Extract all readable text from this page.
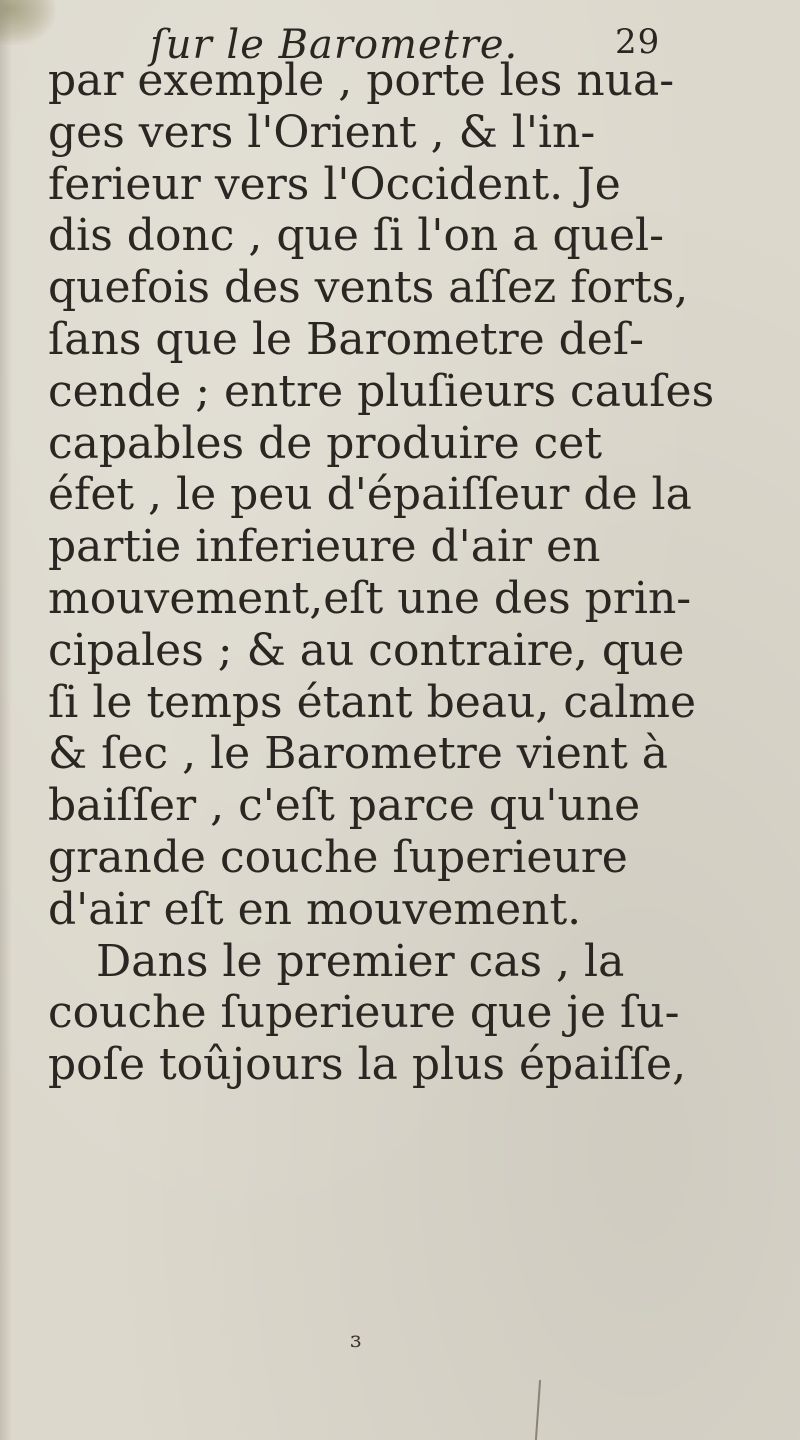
ſur le Barometre.	29
par exemple , porte les nua-
ges vers l'Orient , & l'in-
ferieur vers l'Occident. Je
dis donc , que ſi l'on a quel-
quefois des vents aſſez forts,
ſans que le Barometre deſ-
cende ; entre pluſieurs cauſes
capables de produire cet
éfet , le peu d'épaiſſeur de la
partie inferieure d'air en
mouvement,eſt une des prin-
cipales ; & au contraire, que
ſi le temps étant beau, calme
& ſec , le Barometre vient à
baiſſer , c'eſt parce qu'une
grande couche ſuperieure
d'air eſt en mouvement.
Dans le premier cas , la
couche ſuperieure que je ſu-
poſe toûjours la plus épaiſſe,
ɜ
